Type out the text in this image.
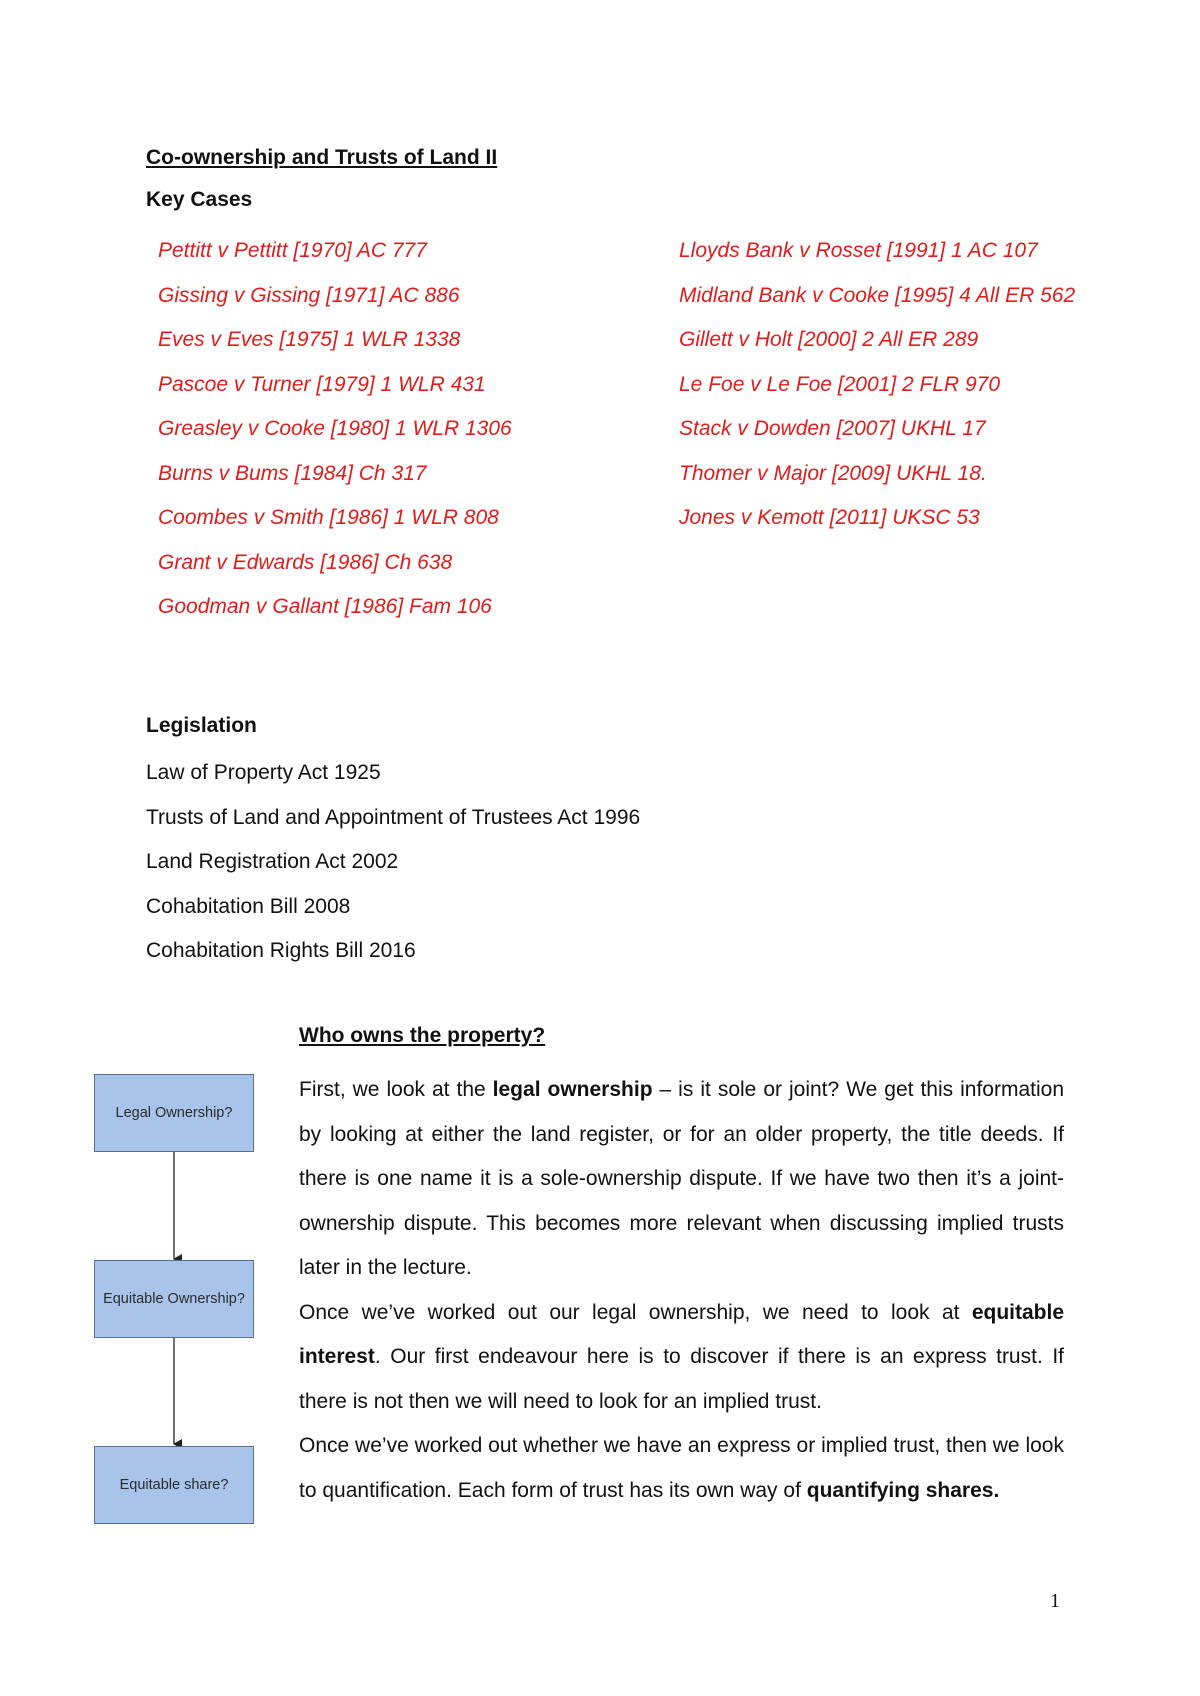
Co-ownership and Trusts of Land II
Key Cases
Pettitt v Pettitt [1970] AC 777
Gissing v Gissing [1971] AC 886
Eves v Eves [1975] 1 WLR 1338
Pascoe v Turner [1979] 1 WLR 431
Greasley v Cooke [1980] 1 WLR 1306
Burns v Bums [1984] Ch 317
Coombes v Smith [1986] 1 WLR 808
Grant v Edwards [1986] Ch 638
Goodman v Gallant [1986] Fam 106
Lloyds Bank v Rosset [1991] 1 AC 107
Midland Bank v Cooke [1995] 4 All ER 562
Gillett v Holt [2000] 2 All ER 289
Le Foe v Le Foe [2001] 2 FLR 970
Stack v Dowden [2007] UKHL 17
Thomer v Major [2009] UKHL 18.
Jones v Kemott [2011] UKSC 53
Legislation
Law of Property Act 1925
Trusts of Land and Appointment of Trustees Act 1996
Land Registration Act 2002
Cohabitation Bill 2008
Cohabitation Rights Bill 2016
Who owns the property?

First, we look at the legal ownership – is it sole or joint? We get this information by looking at either the land register, or for an older property, the title deeds. If there is one name it is a sole-ownership dispute. If we have two then it’s a joint-ownership dispute. This becomes more relevant when discussing implied trusts later in the lecture.

Once we’ve worked out our legal ownership, we need to look at equitable interest. Our first endeavour here is to discover if there is an express trust. If there is not then we will need to look for an implied trust.

Once we’ve worked out whether we have an express or implied trust, then we look to quantification. Each form of trust has its own way of quantifying shares.

Legal Ownership?
Equitable Ownership?
Equitable share?
1
